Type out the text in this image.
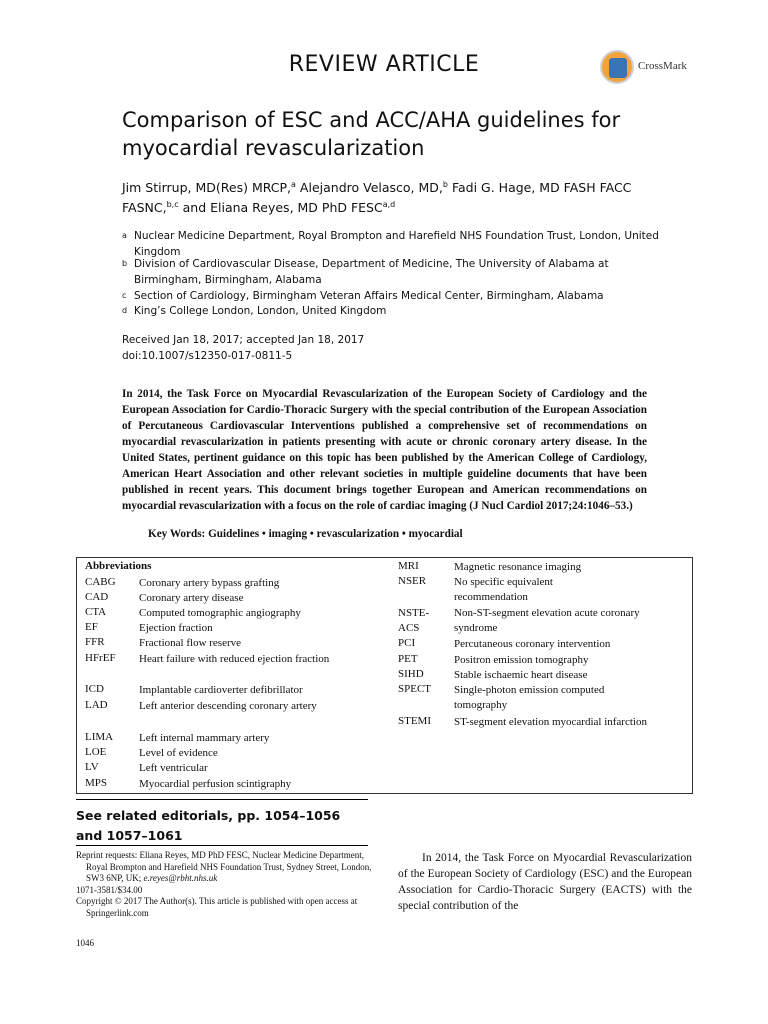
REVIEW ARTICLE	CrossMark
Comparison of ESC and ACC/AHA guidelines for myocardial revascularization
Jim Stirrup, MD(Res) MRCP,$^a$ Alejandro Velasco, MD,$^b$ Fadi G. Hage, MD FASH FACC FASNC,$^{b,c}$ and Eliana Reyes, MD PhD FESC$^{a,d}$
a Nuclear Medicine Department, Royal Brompton and Harefield NHS Foundation Trust, London, United Kingdom
b Division of Cardiovascular Disease, Department of Medicine, The University of Alabama at Birmingham, Birmingham, Alabama
c Section of Cardiology, Birmingham Veteran Affairs Medical Center, Birmingham, Alabama
d King’s College London, London, United Kingdom
Received Jan 18, 2017; accepted Jan 18, 2017
doi:10.1007/s12350-017-0811-5
In 2014, the Task Force on Myocardial Revascularization of the European Society of Cardiology and the European Association for Cardio-Thoracic Surgery with the special contribution of the European Association of Percutaneous Cardiovascular Interventions published a comprehensive set of recommendations on myocardial revascularization in patients presenting with acute or chronic coronary artery disease. In the United States, pertinent guidance on this topic has been published by the American College of Cardiology, American Heart Association and other relevant societies in multiple guideline documents that have been published in recent years. This document brings together European and American recommendations on myocardial revascularization with a focus on the role of cardiac imaging (J Nucl Cardiol 2017;24:1046–53.)
Key Words: Guidelines • imaging • revascularization • myocardial
Abbreviations
CABG Coronary artery bypass grafting
CAD	Coronary artery disease
CTA	Computed tomographic angiography
EF	Ejection fraction
FFR	Fractional flow reserve
HFrEF Heart failure with reduced ejection fraction
ICD	Implantable cardioverter defibrillator
LAD	Left anterior descending coronary artery
LIMA Left internal mammary artery
LOE	Level of evidence
LV	Left ventricular
MPS	Myocardial perfusion scintigraphy
MRI	Magnetic resonance imaging
NSER	No specific equivalent recommendation
NSTE-ACS
Non-ST-segment elevation acute coronary syndrome
PCI	Percutaneous coronary intervention
PET	Positron emission tomography
SIHD	Stable ischaemic heart disease
SPECT Single-photon emission computed tomography
STEMI ST-segment elevation myocardial infarction
See related editorials, pp. 1054–1056 and 1057–1061
Reprint requests: Eliana Reyes, MD PhD FESC, Nuclear Medicine Department, Royal Brompton and Harefield NHS Foundation Trust, Sydney Street, London, SW3 6NP, UK; e.reyes@rbht.nhs.uk
1071-3581/$34.00
Copyright © 2017 The Author(s). This article is published with open access at Springerlink.com
1046
In 2014, the Task Force on Myocardial Revascularization of the European Society of Cardiology (ESC) and the European Association for Cardio-Thoracic Surgery (EACTS) with the special contribution of the
